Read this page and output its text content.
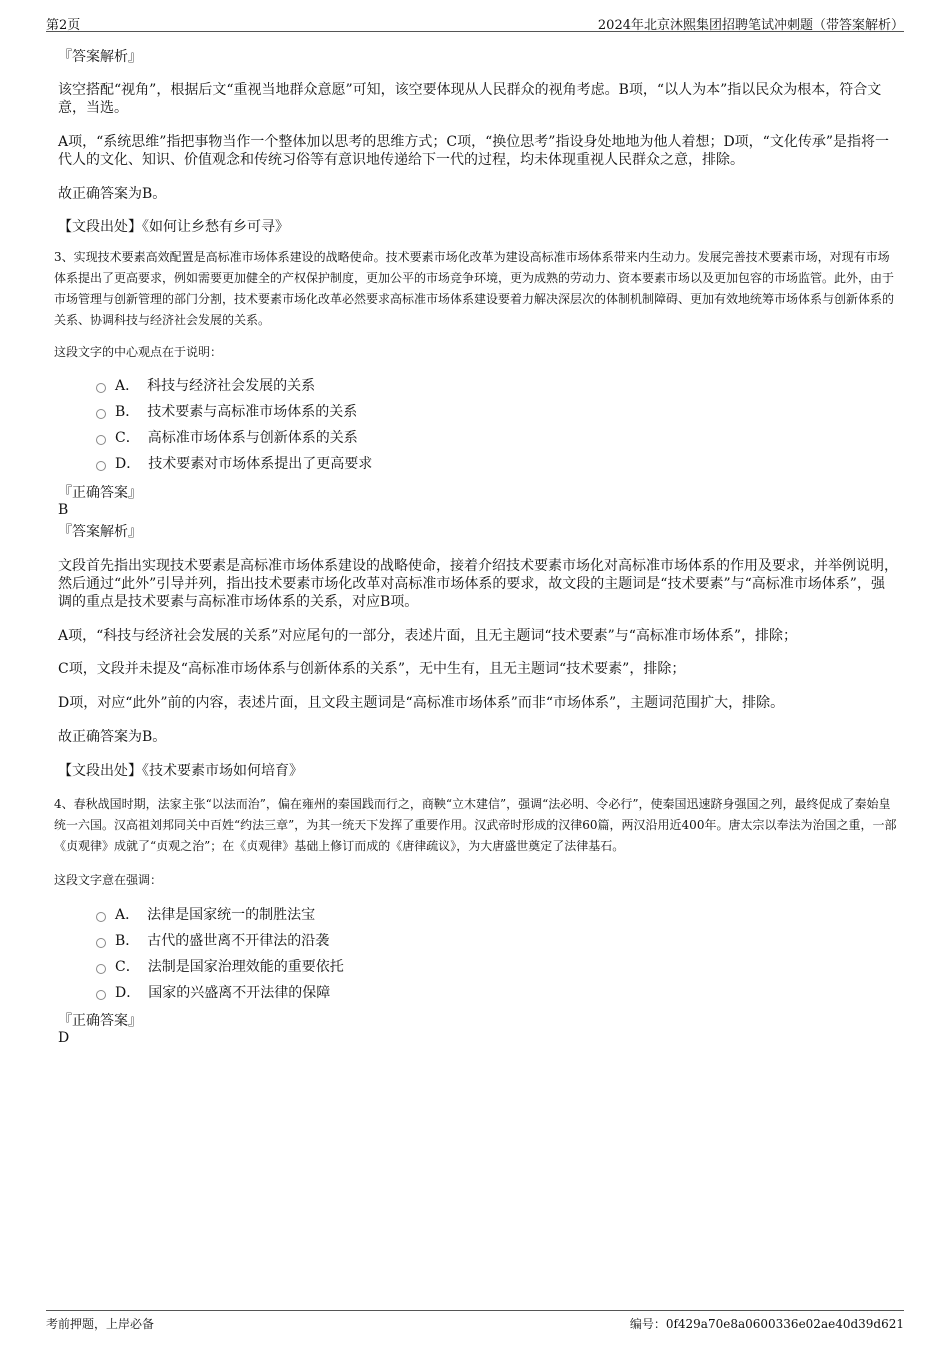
第2页	2024年北京沐熙集团招聘笔试冲刺题（带答案解析）
『答案解析』
该空搭配“视角”，根据后文“重视当地群众意愿”可知，该空要体现从人民群众的视角考虑。B项，“以人为本”指以民众为根本，符合文意，当选。
A项，“系统思维”指把事物当作一个整体加以思考的思维方式；C项，“换位思考”指设身处地地为他人着想；D项，“文化传承”是指将一代人的文化、知识、价值观念和传统习俗等有意识地传递给下一代的过程，均未体现重视人民群众之意，排除。
故正确答案为B。
【文段出处】《如何让乡愁有乡可寻》
3、实现技术要素高效配置是高标准市场体系建设的战略使命。技术要素市场化改革为建设高标准市场体系带来内生动力。发展完善技术要素市场，对现有市场体系提出了更高要求，例如需要更加健全的产权保护制度，更加公平的市场竞争环境，更为成熟的劳动力、资本要素市场以及更加包容的市场监管。此外，由于市场管理与创新管理的部门分割，技术要素市场化改革必然要求高标准市场体系建设要着力解决深层次的体制机制障碍、更加有效地统筹市场体系与创新体系的关系、协调科技与经济社会发展的关系。
这段文字的中心观点在于说明：
A． 科技与经济社会发展的关系
B． 技术要素与高标准市场体系的关系
C． 高标准市场体系与创新体系的关系
D． 技术要素对市场体系提出了更高要求
『正确答案』
B
『答案解析』
文段首先指出实现技术要素是高标准市场体系建设的战略使命，接着介绍技术要素市场化对高标准市场体系的作用及要求，并举例说明，然后通过“此外”引导并列，指出技术要素市场化改革对高标准市场体系的要求，故文段的主题词是“技术要素”与“高标准市场体系”，强调的重点是技术要素与高标准市场体系的关系，对应B项。
A项，“科技与经济社会发展的关系”对应尾句的一部分，表述片面，且无主题词“技术要素”与“高标准市场体系”，排除；
C项，文段并未提及“高标准市场体系与创新体系的关系”，无中生有，且无主题词“技术要素”，排除；
D项，对应“此外”前的内容，表述片面，且文段主题词是“高标准市场体系”而非“市场体系”，主题词范围扩大，排除。
故正确答案为B。
【文段出处】《技术要素市场如何培育》
4、春秋战国时期，法家主张“以法而治”，偏在雍州的秦国践而行之，商鞅“立木建信”，强调“法必明、令必行”，使秦国迅速跻身强国之列，最终促成了秦始皇统一六国。汉高祖刘邦同关中百姓“约法三章”，为其一统天下发挥了重要作用。汉武帝时形成的汉律60篇，两汉沿用近400年。唐太宗以奉法为治国之重，一部《贞观律》成就了“贞观之治”；在《贞观律》基础上修订而成的《唐律疏议》，为大唐盛世奠定了法律基石。
这段文字意在强调：
A． 法律是国家统一的制胜法宝
B． 古代的盛世离不开律法的沿袭
C． 法制是国家治理效能的重要依托
D． 国家的兴盛离不开法律的保障
『正确答案』
D
考前押题，上岸必备	编号：0f429a70e8a0600336e02ae40d39d621
